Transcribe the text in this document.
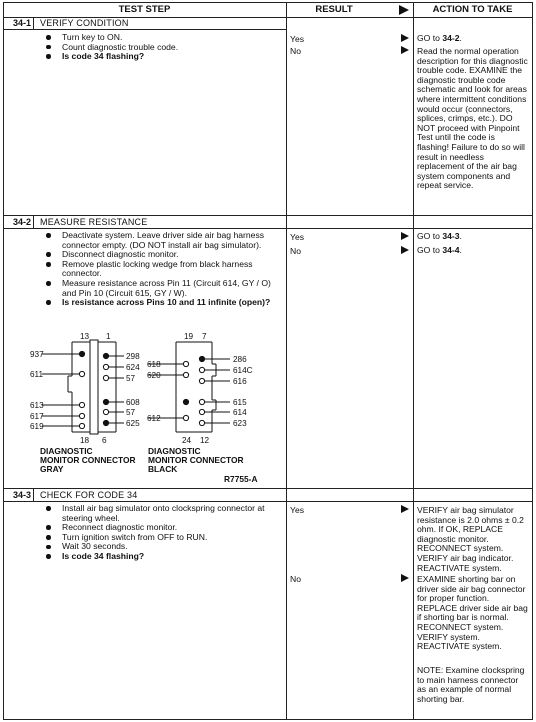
TEST STEP	RESULT	ACTION TO TAKE
34-1 VERIFY CONDITION
Turn key to ON.
Count diagnostic trouble code.
Is code 34 flashing?
Yes
No
GO to 34-2.
Read the normal operation description for this diagnostic trouble code. EXAMINE the diagnostic trouble code schematic and look for areas where intermittent conditions would occur (connectors, splices, crimps, etc.). DO NOT proceed with Pinpoint Test until the code is flashing! Failure to do so will result in needless replacement of the air bag system components and repeat service.
34-2 MEASURE RESISTANCE
Deactivate system. Leave driver side air bag harness connector empty. (DO NOT install air bag simulator).
Disconnect diagnostic monitor.
Remove plastic locking wedge from black harness connector.
Measure resistance across Pin 11 (Circuit 614, GY / O) and Pin 10 (Circuit 615, GY / W).
Is resistance across Pins 10 and 11 infinite (open)?
Yes
No
GO to 34-3.
GO to 34-4.
13 1
18 6
937
611
613
617
619
298
624
57
608
57
625
19 7
24 12
618
620
612
286
614C
616
615
614
623
DIAGNOSTIC
MONITOR CONNECTOR
GRAY
DIAGNOSTIC
MONITOR CONNECTOR
BLACK
R7755-A
34-3 CHECK FOR CODE 34
Install air bag simulator onto clockspring connector at steering wheel.
Reconnect diagnostic monitor.
Turn ignition switch from OFF to RUN.
Wait 30 seconds.
Is code 34 flashing?
Yes
No
VERIFY air bag simulator resistance is 2.0 ohms ± 0.2 ohm. If OK, REPLACE diagnostic monitor. RECONNECT system. VERIFY air bag indicator. REACTIVATE system.
EXAMINE shorting bar on driver side air bag connector for proper function. REPLACE driver side air bag if shorting bar is normal. RECONNECT system. VERIFY system. REACTIVATE system.
NOTE: Examine clockspring to main harness connector as an example of normal shorting bar.
